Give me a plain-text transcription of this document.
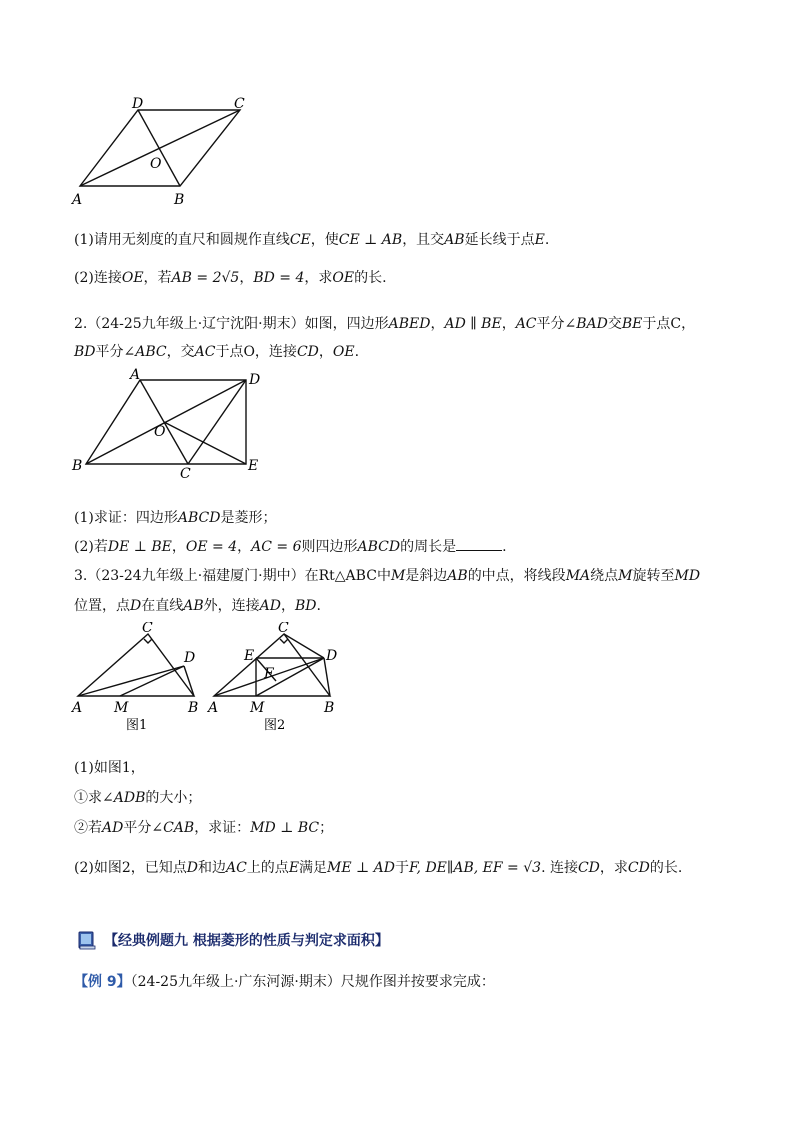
D	C
O
A	B
(1)请用无刻度的直尺和圆规作直线CE，使CE ⊥ AB，且交AB延长线于点E.
(2)连接OE，若AB = 2√5，BD = 4，求OE的长.
2.（24-25九年级上·辽宁沈阳·期末）如图，四边形ABED，AD ∥ BE，AC平分∠BAD交BE于点C，
BD平分∠ABC，交AC于点O，连接CD，OE.
A	D
O
B	C	E
(1)求证：四边形ABCD是菱形；
(2)若DE ⊥ BE，OE = 4，AC = 6则四边形ABCD的周长是	.
3.（23-24九年级上·福建厦门·期中）在Rt△ABC中M是斜边AB的中点，将线段MA绕点M旋转至MD
位置，点D在直线AB外，连接AD，BD.
C
D
A M	B
图1
C
E	D
F
A M	B
图2
(1)如图1，
①求∠ADB的大小；
②若AD平分∠CAB，求证：MD ⊥ BC；
(2)如图2，已知点D和边AC上的点E满足ME ⊥ AD于F, DE∥AB, EF = √3. 连接CD，求CD的长.
【经典例题九 根据菱形的性质与判定求面积】
【例 9】（24-25九年级上·广东河源·期末）尺规作图并按要求完成：
